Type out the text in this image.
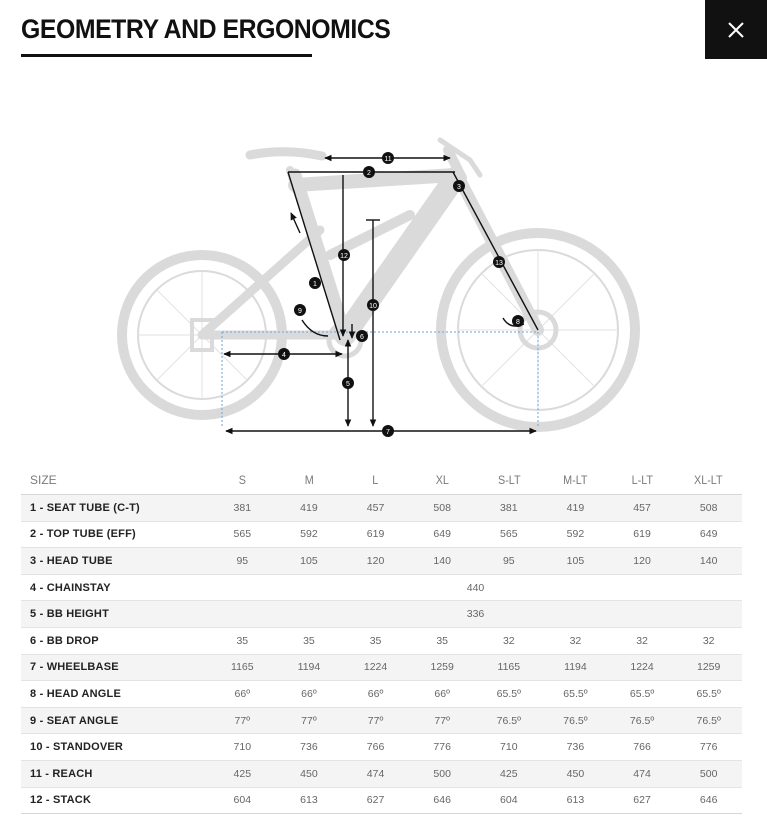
GEOMETRY AND ERGONOMICS
11
2
3
12
13
1
10
9
8
6
4
5
7
SIZE	S	M	L	XL	S-LT	M-LT	L-LT	XL-LT
1 - SEAT TUBE (C-T)	381	419	457	508	381	419	457	508
2 - TOP TUBE (EFF)	565	592	619	649	565	592	619	649
3 - HEAD TUBE	95	105	120	140	95	105	120	140
4 - CHAINSTAY	440							
5 - BB HEIGHT	336							
6 - BB DROP	35	35	35	35	32	32	32	32
7 - WHEELBASE	1165	1194	1224	1259	1165	1194	1224	1259
8 - HEAD ANGLE	66º	66º	66º	66º	65.5º	65.5º	65.5º	65.5º
9 - SEAT ANGLE	77º	77º	77º	77º	76.5º	76.5º	76.5º	76.5º
10 - STANDOVER	710	736	766	776	710	736	766	776
11 - REACH	425	450	474	500	425	450	474	500
12 - STACK	604	613	627	646	604	613	627	646
